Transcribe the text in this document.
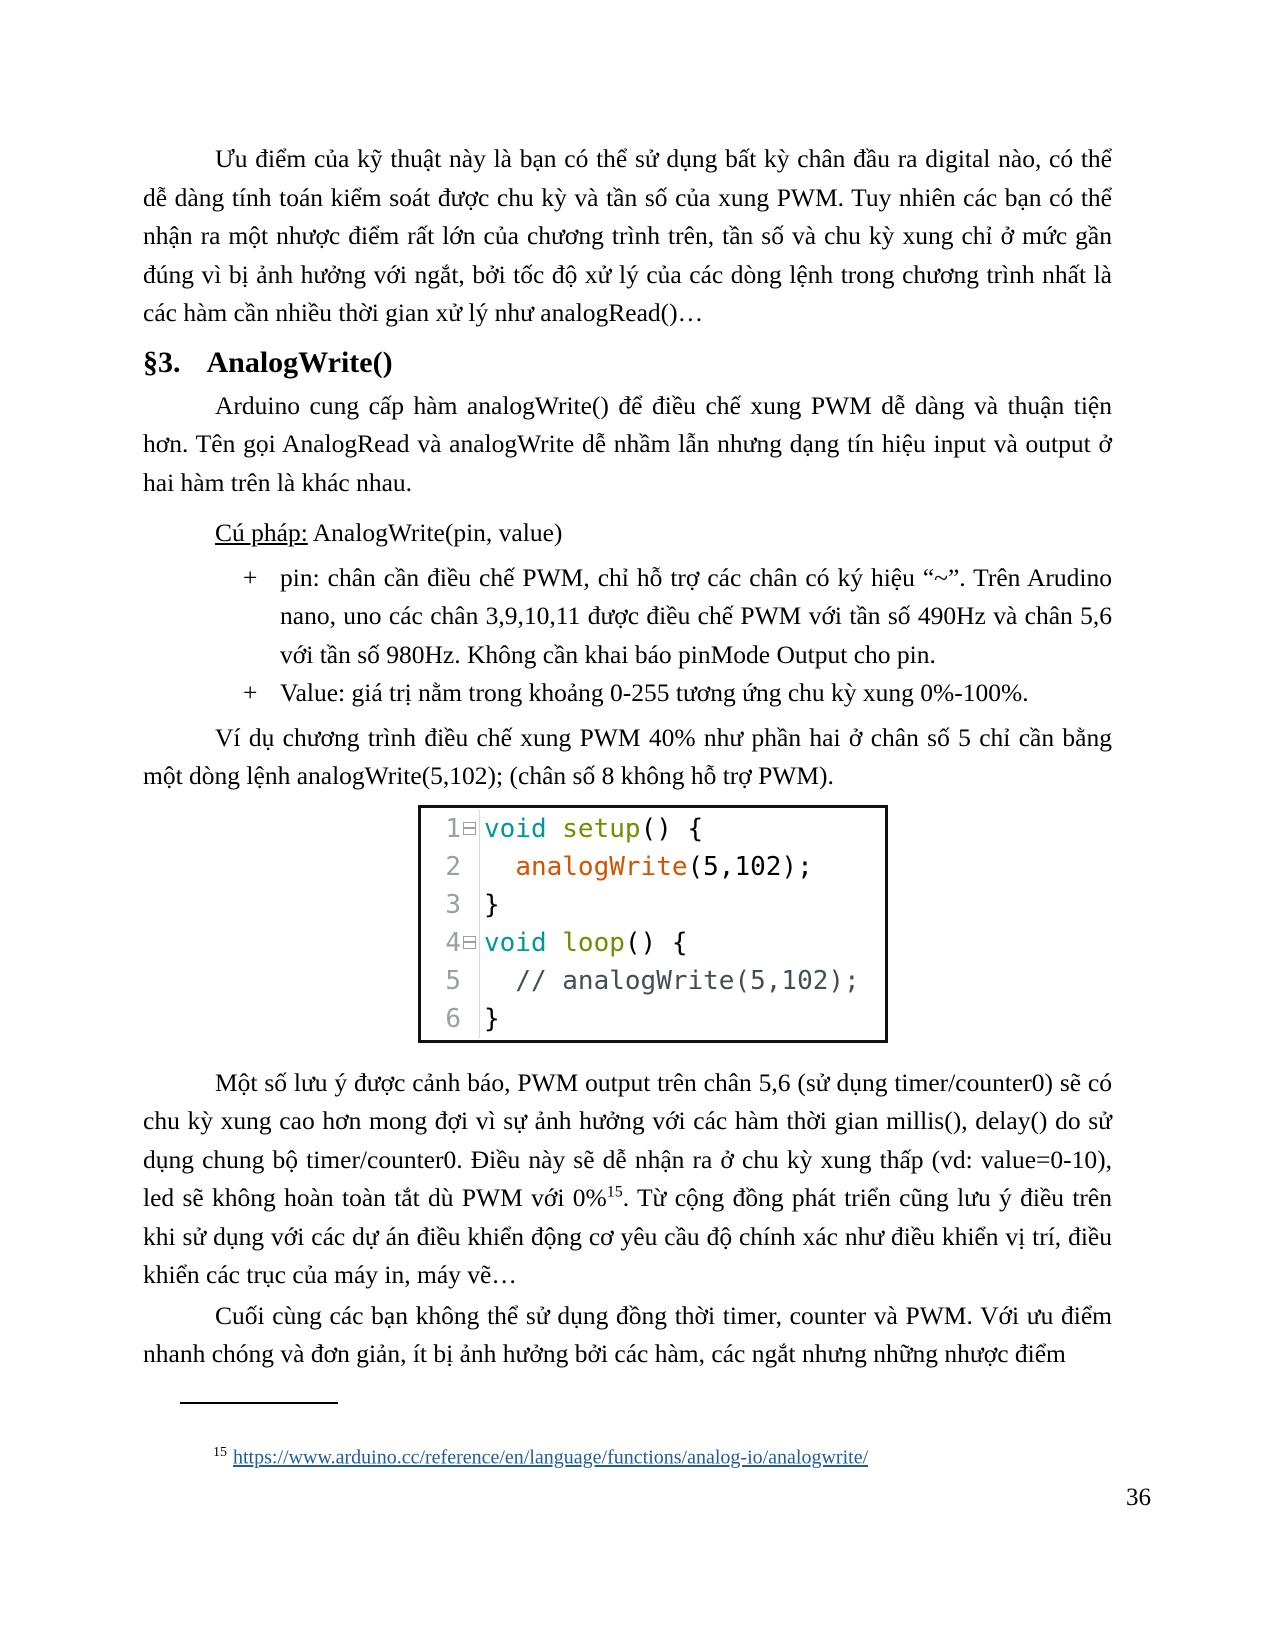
Ưu điểm của kỹ thuật này là bạn có thể sử dụng bất kỳ chân đầu ra digital nào, có thể dễ dàng tính toán kiểm soát được chu kỳ và tần số của xung PWM. Tuy nhiên các bạn có thể nhận ra một nhược điểm rất lớn của chương trình trên, tần số và chu kỳ xung chỉ ở mức gần đúng vì bị ảnh hưởng với ngắt, bởi tốc độ xử lý của các dòng lệnh trong chương trình nhất là các hàm cần nhiều thời gian xử lý như analogRead()…

§3. AnalogWrite()

Arduino cung cấp hàm analogWrite() để điều chế xung PWM dễ dàng và thuận tiện hơn. Tên gọi AnalogRead và analogWrite dễ nhầm lẫn nhưng dạng tín hiệu input và output ở hai hàm trên là khác nhau.

Cú pháp: AnalogWrite(pin, value)
+ pin: chân cần điều chế PWM, chỉ hỗ trợ các chân có ký hiệu “~”. Trên Arudino nano, uno các chân 3,9,10,11 được điều chế PWM với tần số 490Hz và chân 5,6 với tần số 980Hz. Không cần khai báo pinMode Output cho pin.
+ Value: giá trị nằm trong khoảng 0-255 tương ứng chu kỳ xung 0%-100%.

Ví dụ chương trình điều chế xung PWM 40% như phần hai ở chân số 5 chỉ cần bằng một dòng lệnh analogWrite(5,102); (chân số 8 không hỗ trợ PWM).

1 void setup() {
2	analogWrite(5,102);
3 }
4 void loop() {
5	// analogWrite(5,102);
6 }

Một số lưu ý được cảnh báo, PWM output trên chân 5,6 (sử dụng timer/counter0) sẽ có chu kỳ xung cao hơn mong đợi vì sự ảnh hưởng với các hàm thời gian millis(), delay() do sử dụng chung bộ timer/counter0. Điều này sẽ dễ nhận ra ở chu kỳ xung thấp (vd: value=0-10), led sẽ không hoàn toàn tắt dù PWM với 0%$^{15}$. Từ cộng đồng phát triển cũng lưu ý điều trên khi sử dụng với các dự án điều khiển động cơ yêu cầu độ chính xác như điều khiển vị trí, điều khiển các trục của máy in, máy vẽ…

Cuối cùng các bạn không thể sử dụng đồng thời timer, counter và PWM. Với ưu điểm nhanh chóng và đơn giản, ít bị ảnh hưởng bởi các hàm, các ngắt nhưng những nhược điểm

$^{15}$ https://www.arduino.cc/reference/en/language/functions/analog-io/analogwrite/
36
